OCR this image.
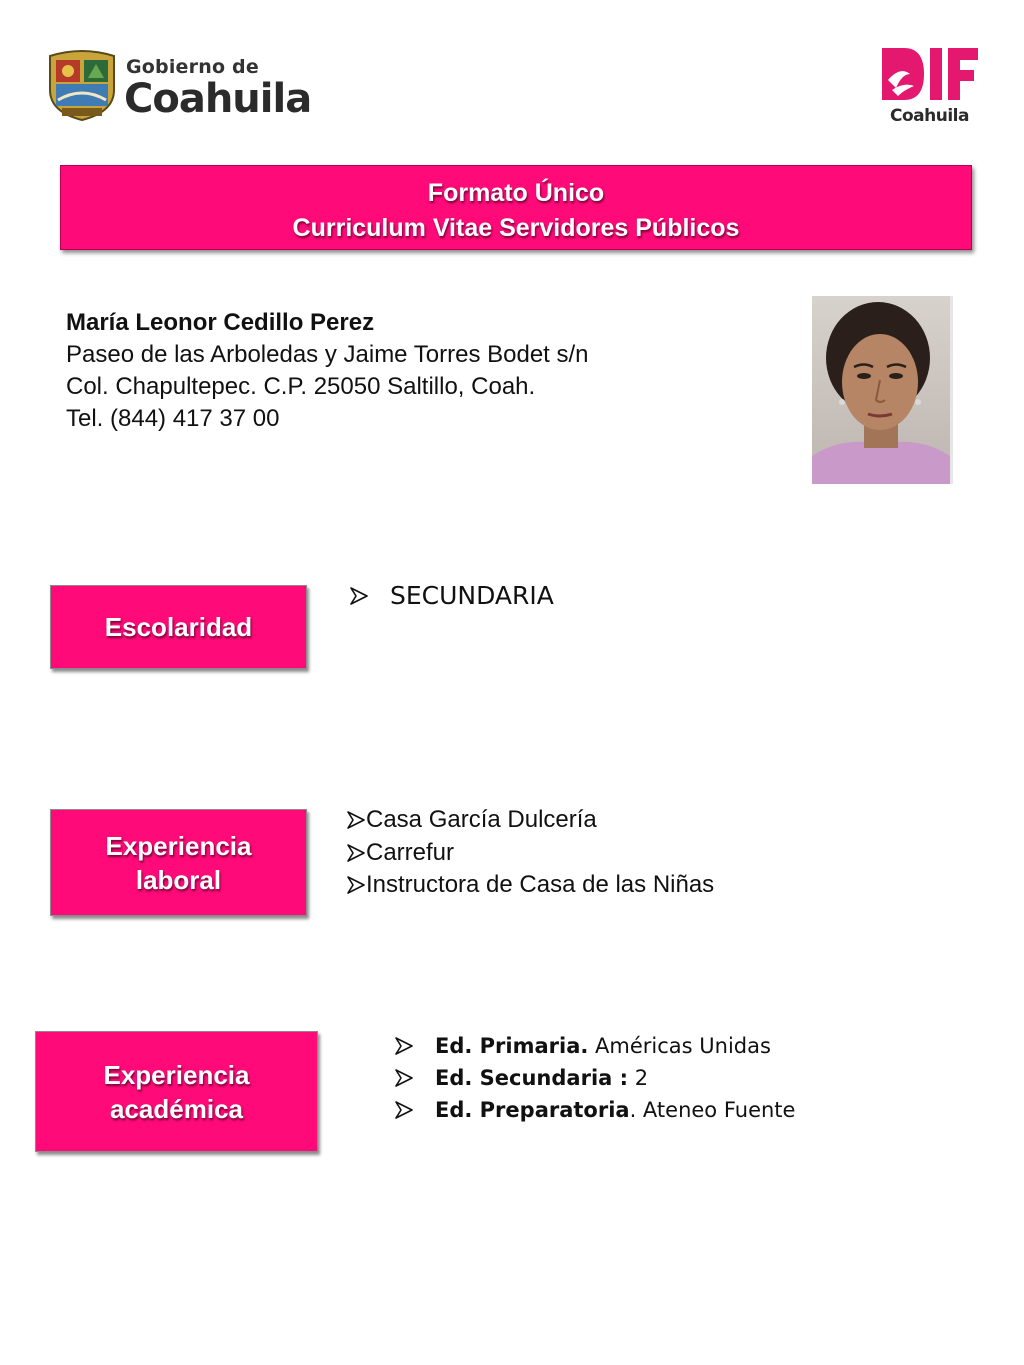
Gobierno de
Coahuila	Coahuila
Formato Único
Curriculum Vitae Servidores Públicos
María Leonor Cedillo Perez
Paseo de las Arboledas y Jaime Torres Bodet s/n
Col. Chapultepec. C.P. 25050 Saltillo, Coah.
Tel. (844) 417 37 00
Escolaridad
SECUNDARIA
Experiencia
laboral
Casa García Dulcería
Carrefur
Instructora de Casa de las Niñas
Experiencia
académica
Ed. Primaria. Américas Unidas
Ed. Secundaria : 2
Ed. Preparatoria. Ateneo Fuente
